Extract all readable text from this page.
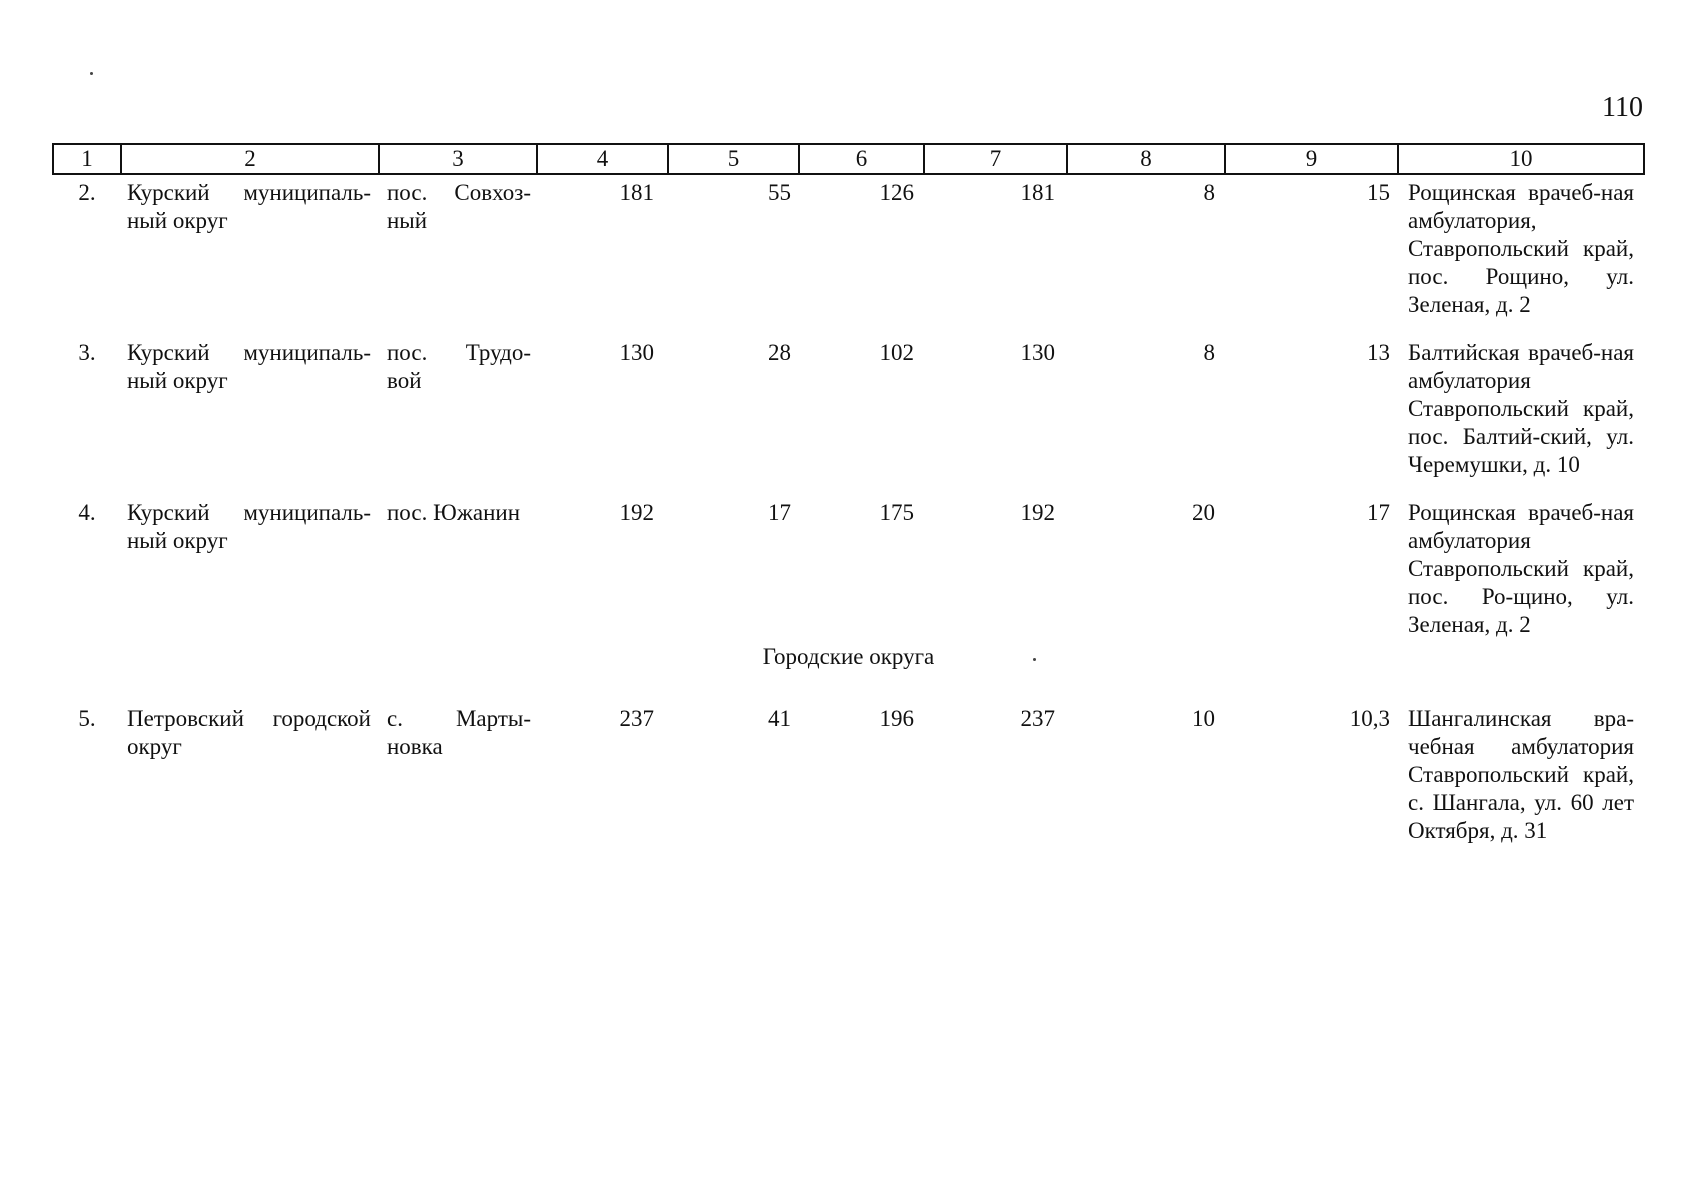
110
1	2	3	4	5	6	7	8	9	10
2.	Курский муниципаль-ный округ	пос. Совхоз-ный	181	55	126	181	8	15	Рощинская врачеб-ная амбулатория, Ставропольский край, пос. Рощино, ул. Зеленая, д. 2

3.	Курский муниципаль-ный округ	пос. Трудо-вой	130	28	102	130	8	13	Балтийская врачеб-ная амбулатория Ставропольский край, пос. Балтий-ский, ул. Черемушки, д. 10

4.	Курский муниципаль-ный округ	пос. Южанин	192	17	175	192	20	17	Рощинская врачеб-ная амбулатория Ставропольский край, пос. Ро-щино, ул. Зеленая, д. 2
Городские округа									
5.	Петровский городской округ	с. Марты-новка	237	41	196	237	10	10,3	Шангалинская вра-чебная амбулатория Ставропольский край, с. Шангала, ул. 60 лет Октября, д. 31
